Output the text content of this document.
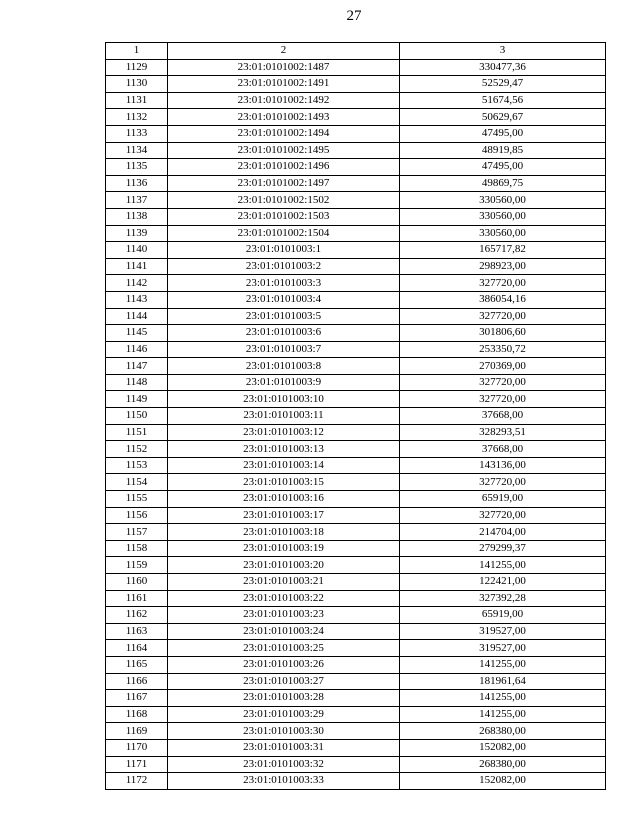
27
1	2	3
1129	23:01:0101002:1487	330477,36
1130	23:01:0101002:1491	52529,47
1131	23:01:0101002:1492	51674,56
1132	23:01:0101002:1493	50629,67
1133	23:01:0101002:1494	47495,00
1134	23:01:0101002:1495	48919,85
1135	23:01:0101002:1496	47495,00
1136	23:01:0101002:1497	49869,75
1137	23:01:0101002:1502	330560,00
1138	23:01:0101002:1503	330560,00
1139	23:01:0101002:1504	330560,00
1140	23:01:0101003:1	165717,82
1141	23:01:0101003:2	298923,00
1142	23:01:0101003:3	327720,00
1143	23:01:0101003:4	386054,16
1144	23:01:0101003:5	327720,00
1145	23:01:0101003:6	301806,60
1146	23:01:0101003:7	253350,72
1147	23:01:0101003:8	270369,00
1148	23:01:0101003:9	327720,00
1149	23:01:0101003:10	327720,00
1150	23:01:0101003:11	37668,00
1151	23:01:0101003:12	328293,51
1152	23:01:0101003:13	37668,00
1153	23:01:0101003:14	143136,00
1154	23:01:0101003:15	327720,00
1155	23:01:0101003:16	65919,00
1156	23:01:0101003:17	327720,00
1157	23:01:0101003:18	214704,00
1158	23:01:0101003:19	279299,37
1159	23:01:0101003:20	141255,00
1160	23:01:0101003:21	122421,00
1161	23:01:0101003:22	327392,28
1162	23:01:0101003:23	65919,00
1163	23:01:0101003:24	319527,00
1164	23:01:0101003:25	319527,00
1165	23:01:0101003:26	141255,00
1166	23:01:0101003:27	181961,64
1167	23:01:0101003:28	141255,00
1168	23:01:0101003:29	141255,00
1169	23:01:0101003:30	268380,00
1170	23:01:0101003:31	152082,00
1171	23:01:0101003:32	268380,00
1172	23:01:0101003:33	152082,00
